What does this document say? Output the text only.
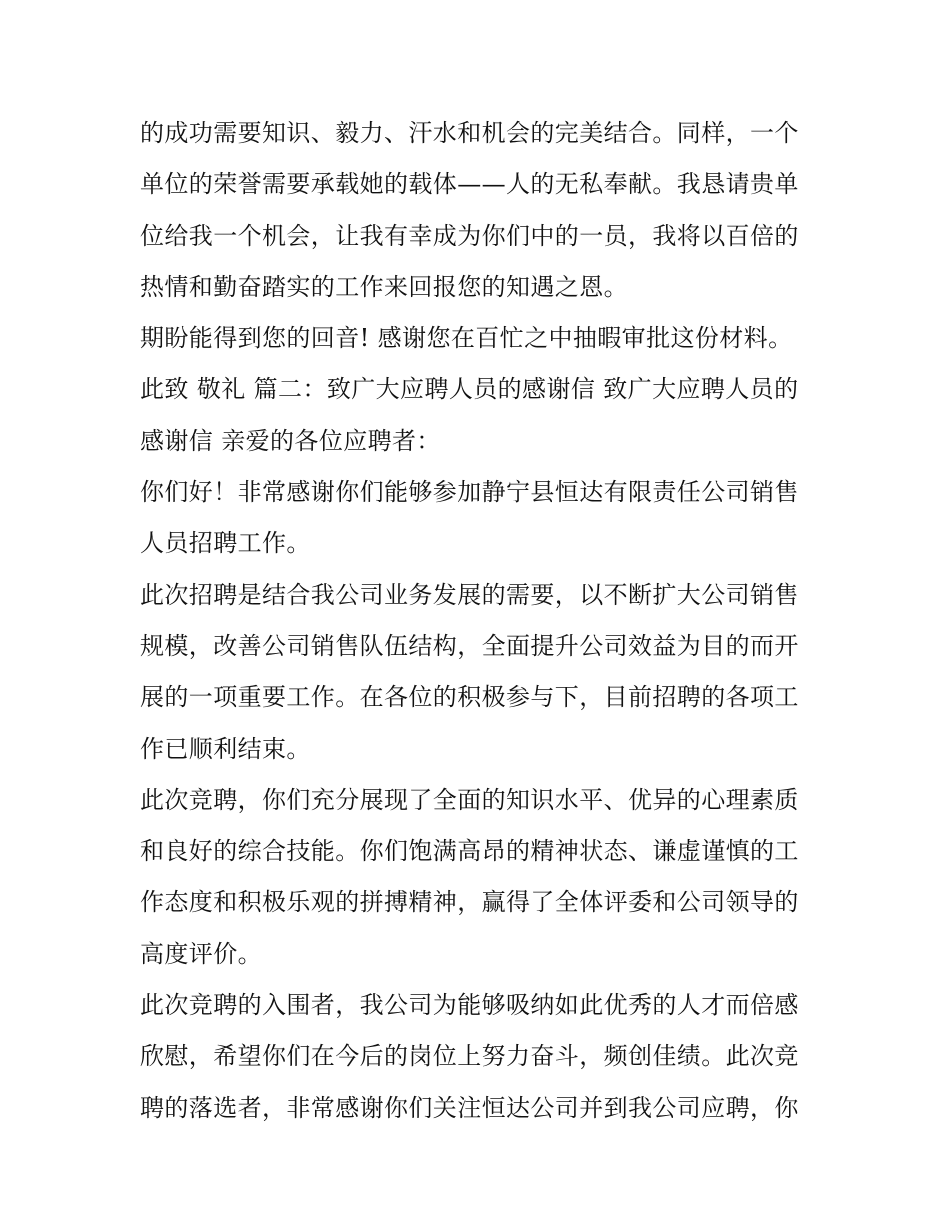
的成功需要知识、毅力、汗水和机会的完美结合。同样，一个
单位的荣誉需要承载她的载体——人的无私奉献。我恳请贵单
位给我一个机会，让我有幸成为你们中的一员，我将以百倍的
热情和勤奋踏实的工作来回报您的知遇之恩。
期盼能得到您的回音! 感谢您在百忙之中抽暇审批这份材料。
此致 敬礼 篇二：致广大应聘人员的感谢信 致广大应聘人员的
感谢信 亲爱的各位应聘者：
你们好！非常感谢你们能够参加静宁县恒达有限责任公司销售
人员招聘工作。
此次招聘是结合我公司业务发展的需要，以不断扩大公司销售
规模，改善公司销售队伍结构，全面提升公司效益为目的而开
展的一项重要工作。在各位的积极参与下，目前招聘的各项工
作已顺利结束。
此次竞聘，你们充分展现了全面的知识水平、优异的心理素质
和良好的综合技能。你们饱满高昂的精神状态、谦虚谨慎的工
作态度和积极乐观的拼搏精神，赢得了全体评委和公司领导的
高度评价。
此次竞聘的入围者，我公司为能够吸纳如此优秀的人才而倍感
欣慰，希望你们在今后的岗位上努力奋斗，频创佳绩。此次竞
聘的落选者，非常感谢你们关注恒达公司并到我公司应聘，你
